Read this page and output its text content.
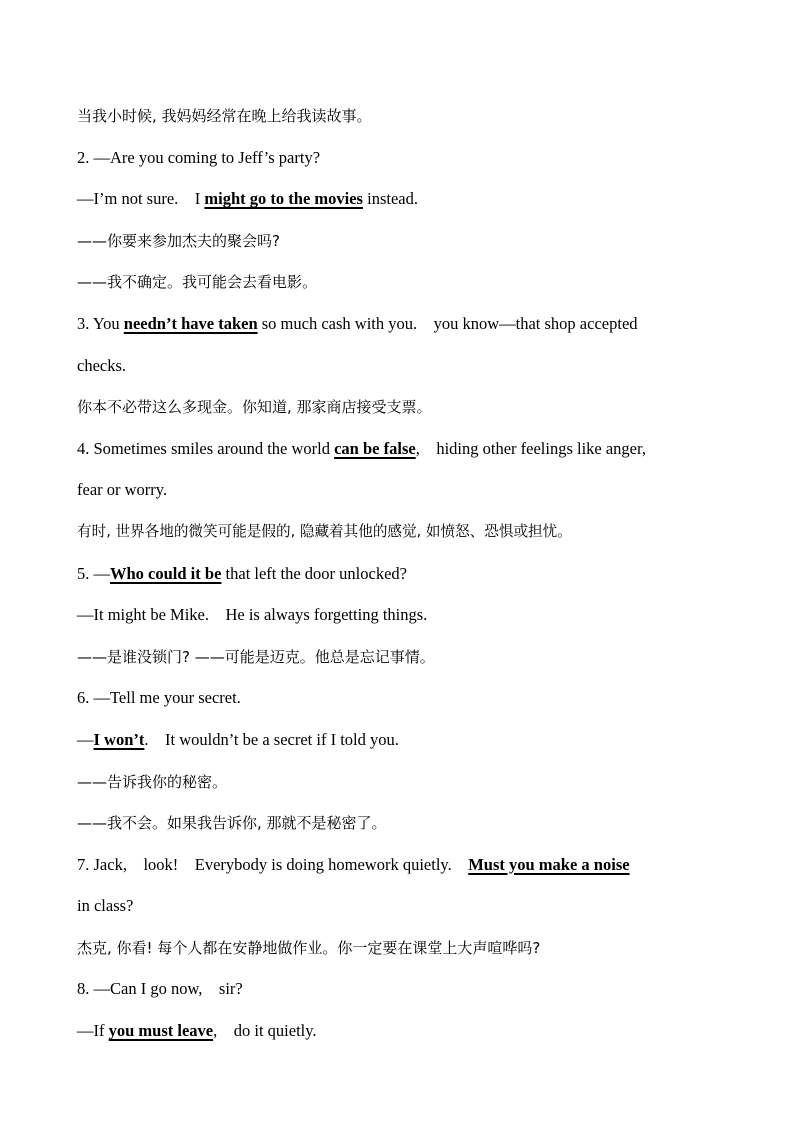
当我小时候, 我妈妈经常在晚上给我读故事。
2. —Are you coming to Jeff’s party?
—I’m not sure.    I might go to the movies instead.
——你要来参加杰夫的聚会吗?
——我不确定。我可能会去看电影。
3. You needn’t have taken so much cash with you.    you know—that shop accepted
checks.
你本不必带这么多现金。你知道, 那家商店接受支票。
4. Sometimes smiles around the world can be false,    hiding other feelings like anger,
fear or worry.
有时, 世界各地的微笑可能是假的, 隐藏着其他的感觉, 如愤怒、恐惧或担忧。
5. —Who could it be that left the door unlocked?
—It might be Mike.    He is always forgetting things.
——是谁没锁门? ——可能是迈克。他总是忘记事情。
6. —Tell me your secret.
—I won’t.    It wouldn’t be a secret if I told you.
——告诉我你的秘密。
——我不会。如果我告诉你, 那就不是秘密了。
7. Jack,    look!    Everybody is doing homework quietly.    Must you make a noise
in class?
杰克, 你看! 每个人都在安静地做作业。你一定要在课堂上大声喧哗吗?
8. —Can I go now,    sir?
—If you must leave,    do it quietly.
